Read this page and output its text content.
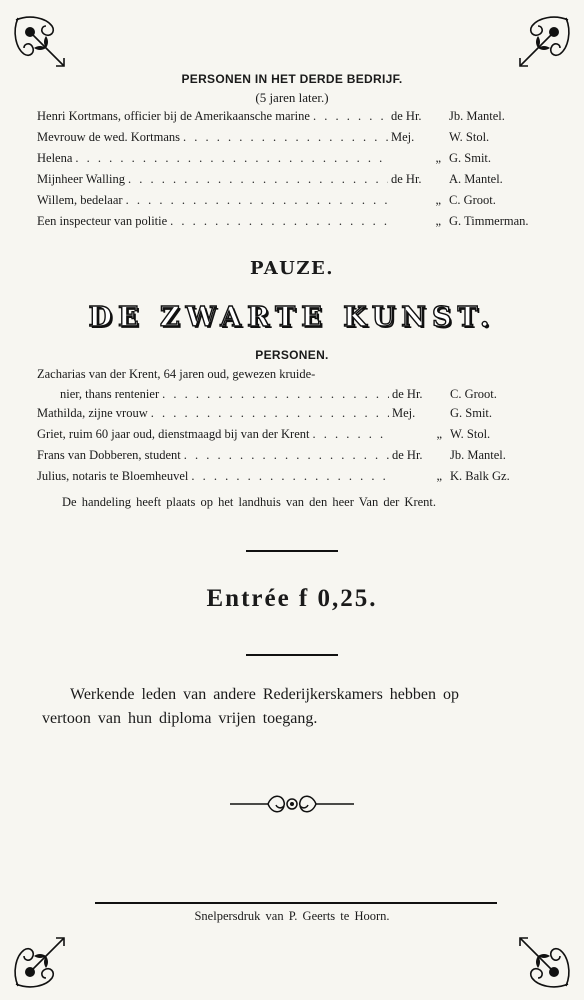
PERSONEN IN HET DERDE BEDRIJF.
(5 jaren later.)
Henri Kortmans, officier bij de Amerikaansche marine . . .	de Hr.	Jb. Mantel.
Mevrouw de wed. Kortmans . . .	Mej.	W. Stol.
Helena . . .	„ G. Smit.
Mijnheer Walling . . .	de Hr.	A. Mantel.
Willem, bedelaar . . .	„ C. Groot.
Een inspecteur van politie . . .	„ G. Timmerman.
PAUZE.
DE ZWARTE KUNST.
PERSONEN.
Zacharias van der Krent, 64 jaren oud, gewezen kruide-
nier, thans rentenier . . .	de Hr.	C. Groot.
Mathilda, zijne vrouw . . .	Mej.	G. Smit.
Griet, ruim 60 jaar oud, dienstmaagd bij van der Krent . . .	„ W. Stol.
Frans van Dobberen, student . . .	de Hr.	Jb. Mantel.
Julius, notaris te Bloemheuvel . . .	„ K. Balk Gz.
De handeling heeft plaats op het landhuis van den heer Van der Krent.
Entrée f 0,25.
Werkende leden van andere Rederijkerskamers hebben op
vertoon van hun diploma vrijen toegang.
Snelpersdruk van P. Geerts te Hoorn.
